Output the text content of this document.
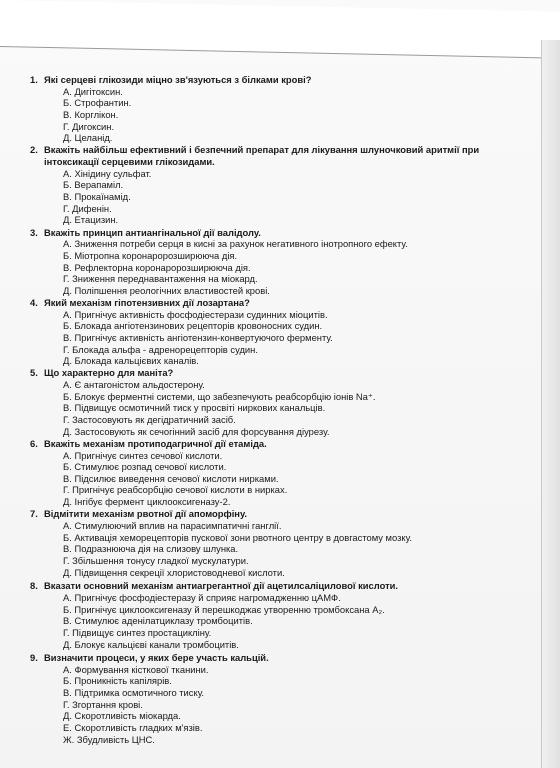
1. Які серцеві глікозиди міцно зв'язуються з білками крові?
А. Дигітоксин.
Б. Строфантин.
В. Корглікон.
Г. Дигоксин.
Д. Целанід.
2. Вкажіть найбільш ефективний і безпечний препарат для лікування шлуночковий аритмії при інтоксикації серцевими глікозидами.
А. Хінідину сульфат.
Б. Верапаміл.
В. Прокаїнамід.
Г. Дифенін.
Д. Етацизин.
3. Вкажіть принцип антиангінальної дії валідолу.
А. Зниження потреби серця в кисні за рахунок негативного інотропного ефекту.
Б. Міотропна коронаророзширююча дія.
В. Рефлекторна коронаророзширююча дія.
Г. Зниження переднавантаження на міокард.
Д. Поліпшення реологічних властивостей крові.
4. Який механізм гіпотензивних дії лозартана?
А. Пригнічує активність фосфодіестерази судинних міоцитів.
Б. Блокада ангіотензинових рецепторів кровоносних судин.
В. Пригнічує активність ангіотензин-конвертуючого ферменту.
Г. Блокада альфа - адренорецепторів судин.
Д. Блокада кальцієвих каналів.
5. Що характерно для маніта?
А. Є антагоністом альдостерону.
Б. Блокує ферментні системи, що забезпечують реабсорбцію іонів Na⁺.
В. Підвищує осмотичний тиск у просвіті ниркових канальців.
Г. Застосовують як дегідратичний засіб.
Д. Застосовують як сечогінний засіб для форсування діурезу.
6. Вкажіть механізм протиподагричної дії етаміда.
А. Пригнічує синтез сечової кислоти.
Б. Стимулює розпад сечової кислоти.
В. Підсилює виведення сечової кислоти нирками.
Г. Пригнічує реабсорбцію сечової кислоти в нирках.
Д. Інгібує фермент циклооксигеназу-2.
7. Відмітити механізм рвотної дії апоморфіну.
А. Стимулюючий вплив на парасимпатичні ганглії.
Б. Активація хеморецепторів пускової зони рвотного центру в довгастому мозку.
В. Подразнююча дія на слизову шлунка.
Г. Збільшення тонусу гладкої мускулатури.
Д. Підвищення секреції хлористоводневої кислоти.
8. Вказати основний механізм антиагрегантної дії ацетилсаліцилової кислоти.
А. Пригнічує фосфодіестеразу й сприяє нагромадженню цАМФ.
Б. Пригнічує циклооксигеназу й перешкоджає утворенню тромбоксана A₂.
В. Стимулює аденілатциклазу тромбоцитів.
Г. Підвищує синтез простацикліну.
Д. Блокує кальцієві канали тромбоцитів.
9. Визначити процеси, у яких бере участь кальцій.
А. Формування кісткової тканини.
Б. Проникність капілярів.
В. Підтримка осмотичного тиску.
Г. Згортання крові.
Д. Скоротливість міокарда.
Е. Скоротливість гладких м'язів.
Ж. Збудливість ЦНС.
